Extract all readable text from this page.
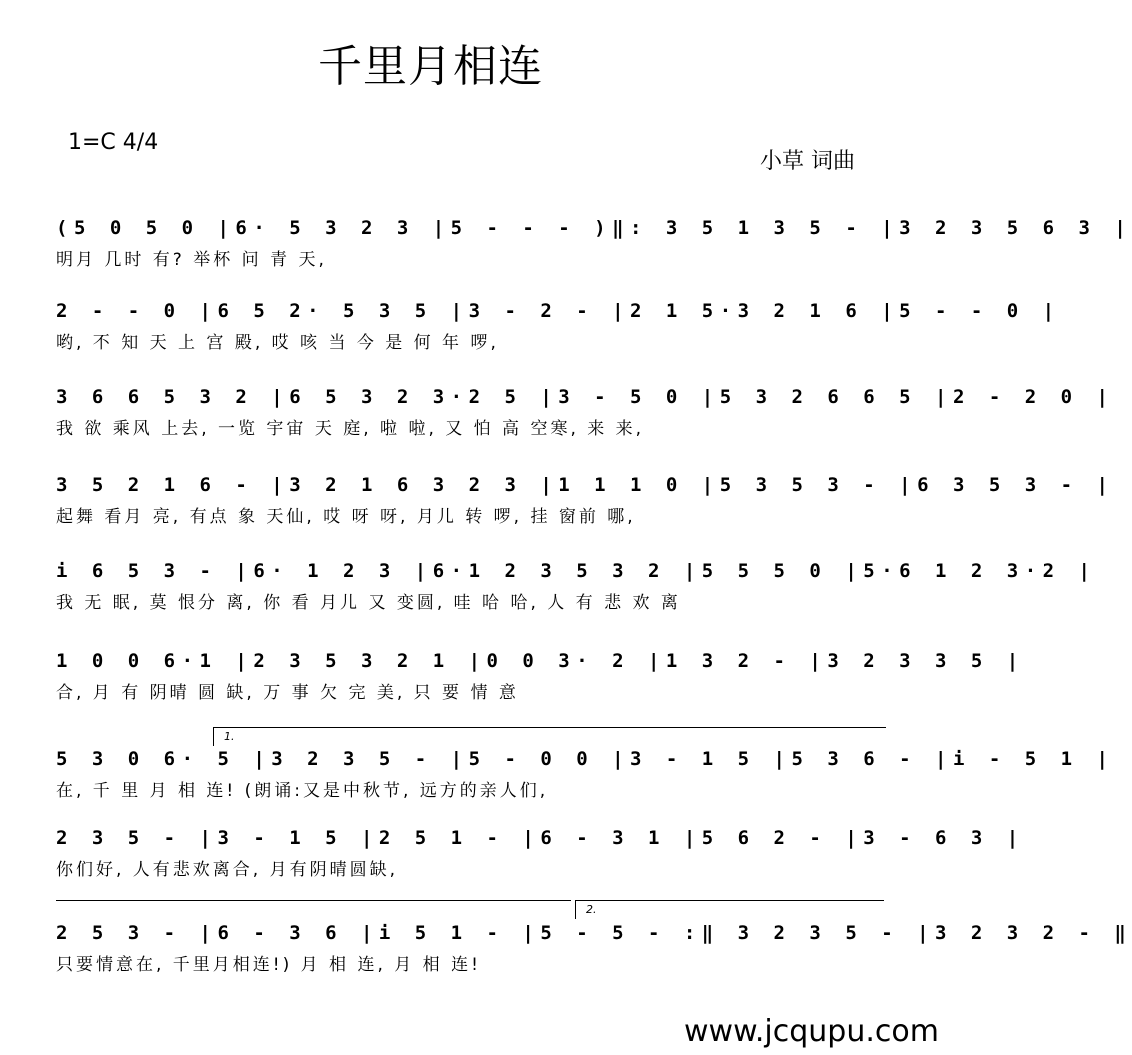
千里月相连
1=C 4/4
小草 词曲
(5 0 5 0 |6· 5 3 2 3 |5 - - - )‖: 3 5 1 3 5 - |3 2 3 5 6 3 |
明月 几时 有? 举杯 问 青 天,
2 - - 0 |6 5 2· 5 3 5 |3 - 2 - |2 1 5·3 2 1 6 |5 - - 0 |
哟, 不 知 天 上 宫 殿, 哎 咳 当 今 是 何 年 啰,
3 6 6 5 3 2 |6 5 3 2 3·2 5 |3 - 5 0 |5 3 2 6 6 5 |2 - 2 0 |
我 欲 乘风 上去, 一览 宇宙 天 庭, 啦 啦, 又 怕 高 空寒, 来 来,
3 5 2 1 6 - |3 2 1 6 3 2 3 |1 1 1 0 |5 3 5 3 - |6 3 5 3 - |
起舞 看月 亮, 有点 象 天仙, 哎 呀 呀, 月儿 转 啰, 挂 窗前 哪,
i 6 5 3 - |6· 1 2 3 |6·1 2 3 5 3 2 |5 5 5 0 |5·6 1 2 3·2 |
我 无 眠, 莫 恨分 离, 你 看 月儿 又 变圆, 哇 哈 哈, 人 有 悲 欢 离
1 0 0 6·1 |2 3 5 3 2 1 |0 0 3· 2 |1 3 2 - |3 2 3 3 5 |
合, 月 有 阴晴 圆 缺, 万 事 欠 完 美, 只 要 情 意
1.
5 3 0 6· 5 |3 2 3 5 - |5 - 0 0 |3 - 1 5 |5 3 6 - |i - 5 1 |
在, 千 里 月 相 连! (朗诵:又是中秋节, 远方的亲人们,
2 3 5 - |3 - 1 5 |2 5 1 - |6 - 3 1 |5 6 2 - |3 - 6 3 |
你们好, 人有悲欢离合, 月有阴晴圆缺,
2.
2 5 3 - |6 - 3 6 |i 5 1 - |5 - 5 - :‖ 3 2 3 5 - |3 2 3 2 - ‖
只要情意在, 千里月相连!) 月 相 连, 月 相 连!
www.jcqupu.com
